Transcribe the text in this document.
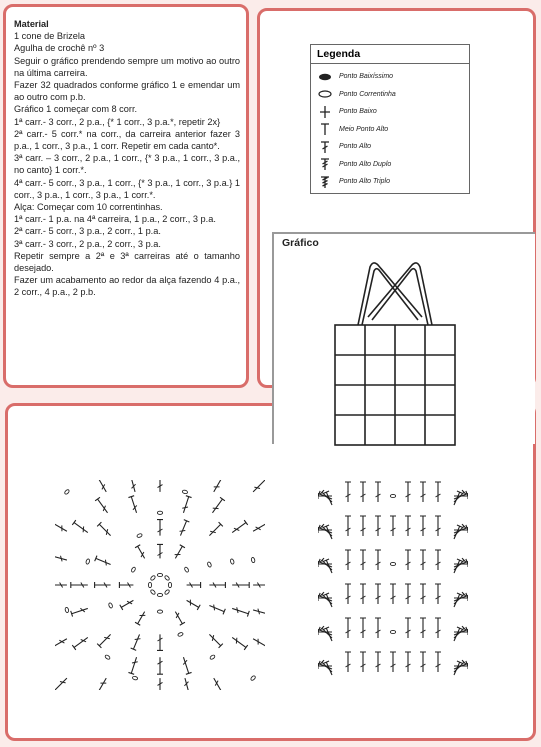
Material

1 cone de Brizela

Agulha de crochê nº 3

Seguir o gráfico prendendo sempre um motivo ao outro na última carreira.

Fazer 32 quadrados conforme gráfico 1 e emendar um ao outro com p.b.

Gráfico 1 começar com 8 corr.

1ª carr.- 3 corr., 2 p.a., {* 1 corr., 3 p.a.*, repetir 2x}

2ª carr.- 5 corr.* na corr., da carreira anterior fazer 3 p.a., 1 corr., 3 p.a., 1 corr. Repetir em cada canto*.

3ª carr. – 3 corr., 2 p.a., 1 corr., {* 3 p.a., 1 corr., 3 p.a., no canto} 1 corr.*.

4ª carr.- 5 corr., 3 p.a., 1 corr., {* 3 p.a., 1 corr., 3 p.a.} 1 corr., 3 p.a., 1 corr., 3 p.a., 1 corr.*.

Alça: Começar com 10 correntinhas.

1ª carr.- 1 p.a. na 4ª carreira, 1 p.a., 2 corr., 3 p.a.

2ª carr.- 5 corr., 3 p.a., 2 corr., 1 p.a.

3ª carr.- 3 corr., 2 p.a., 2 corr., 3 p.a.

Repetir sempre a 2ª e 3ª carreiras até o tamanho desejado.

Fazer um acabamento ao redor da alça fazendo 4 p.a., 2 corr., 4 p.a., 2 p.b.

Legenda
Ponto Baixíssimo
Ponto Correntinha
Ponto Baixo
Meio Ponto Alto
Ponto Alto
Ponto Alto Duplo
Ponto Alto Triplo
Gráfico
